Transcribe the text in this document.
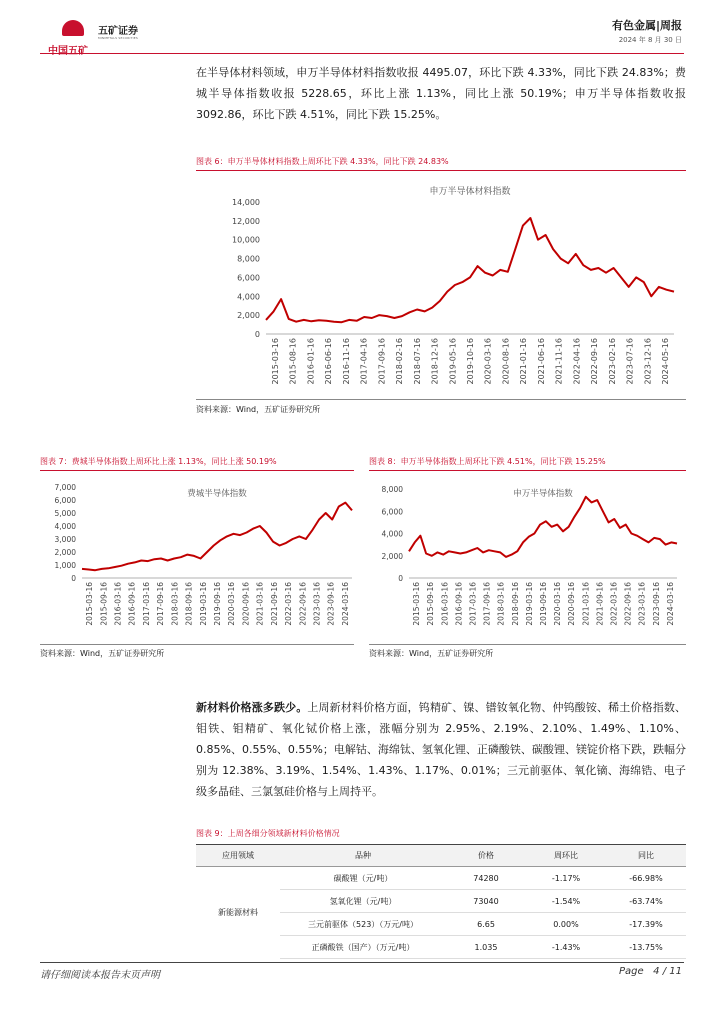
中国五矿
五矿证券
MINMETALS SECURITIES
有色金属|周报
2024 年 8 月 30 日

在半导体材料领域，申万半导体材料指数收报 4495.07，环比下跌 4.33%，同比下跌 24.83%；费城半导体指数收报 5228.65，环比上涨 1.13%，同比上涨 50.19%；申万半导体指数收报 3092.86，环比下跌 4.51%，同比下跌 15.25%。

图表 6：申万半导体材料指数上周环比下跌 4.33%，同比下跌 24.83%
申万半导体材料指数
0
2,000
4,000
6,000
8,000
10,000
12,000
14,000
2015-03-16 2015-08-16 2016-01-16 2016-06-16 2016-11-16 2017-04-16 2017-09-16 2018-02-16 2018-07-16 2018-12-16 2019-05-16 2019-10-16 2020-03-16 2020-08-16 2021-01-16 2021-06-16 2021-11-16 2022-04-16 2022-09-16 2023-02-16 2023-07-16 2023-12-16 2024-05-16
资料来源：Wind，五矿证券研究所
图表 7：费城半导体指数上周环比上涨 1.13%，同比上涨 50.19%
费城半导体指数
0
1,000
2,000
3,000
4,000
5,000
6,000
7,000
2015-03-16 2015-09-16 2016-03-16 2016-09-16 2017-03-16 2017-09-16 2018-03-16 2018-09-16 2019-03-16 2019-09-16 2020-03-16 2020-09-16 2021-03-16 2021-09-16 2022-03-16 2022-09-16 2023-03-16 2023-09-16 2024-03-16
资料来源：Wind，五矿证券研究所
图表 8：申万半导体指数上周环比下跌 4.51%，同比下跌 15.25%
申万半导体指数
0
2,000
4,000
6,000
8,000
2015-03-16 2015-09-16 2016-03-16 2016-09-16 2017-03-16 2017-09-16 2018-03-16 2018-09-16 2019-03-16 2019-09-16 2020-03-16 2020-09-16 2021-03-16 2021-09-16 2022-03-16 2022-09-16 2023-03-16 2023-09-16 2024-03-16
资料来源：Wind，五矿证券研究所

新材料价格涨多跌少。上周新材料价格方面，钨精矿、镍、镨钕氧化物、仲钨酸铵、稀土价格指数、钼铁、钼精矿、氧化铽价格上涨，涨幅分别为 2.95%、2.19%、2.10%、1.49%、1.10%、0.85%、0.55%、0.55%；电解钴、海绵钛、氢氧化锂、正磷酸铁、碳酸锂、镁锭价格下跌，跌幅分别为 12.38%、3.19%、1.54%、1.43%、1.17%、0.01%；三元前驱体、氧化镝、海绵锆、电子级多晶硅、三氯氢硅价格与上周持平。

图表 9：上周各细分领域新材料价格情况
应用领域	品种	价格	周环比	同比
新能源材料	碳酸锂（元/吨）	74280	-1.17%	-66.98%
	氢氧化锂（元/吨）	73040	-1.54%	-63.74%
	三元前驱体（523）（万元/吨）	6.65	0.00%	-17.39%
	正磷酸铁（国产）（万元/吨）	1.035	-1.43%	-13.75%
请仔细阅读本报告末页声明	Page 4 / 11
